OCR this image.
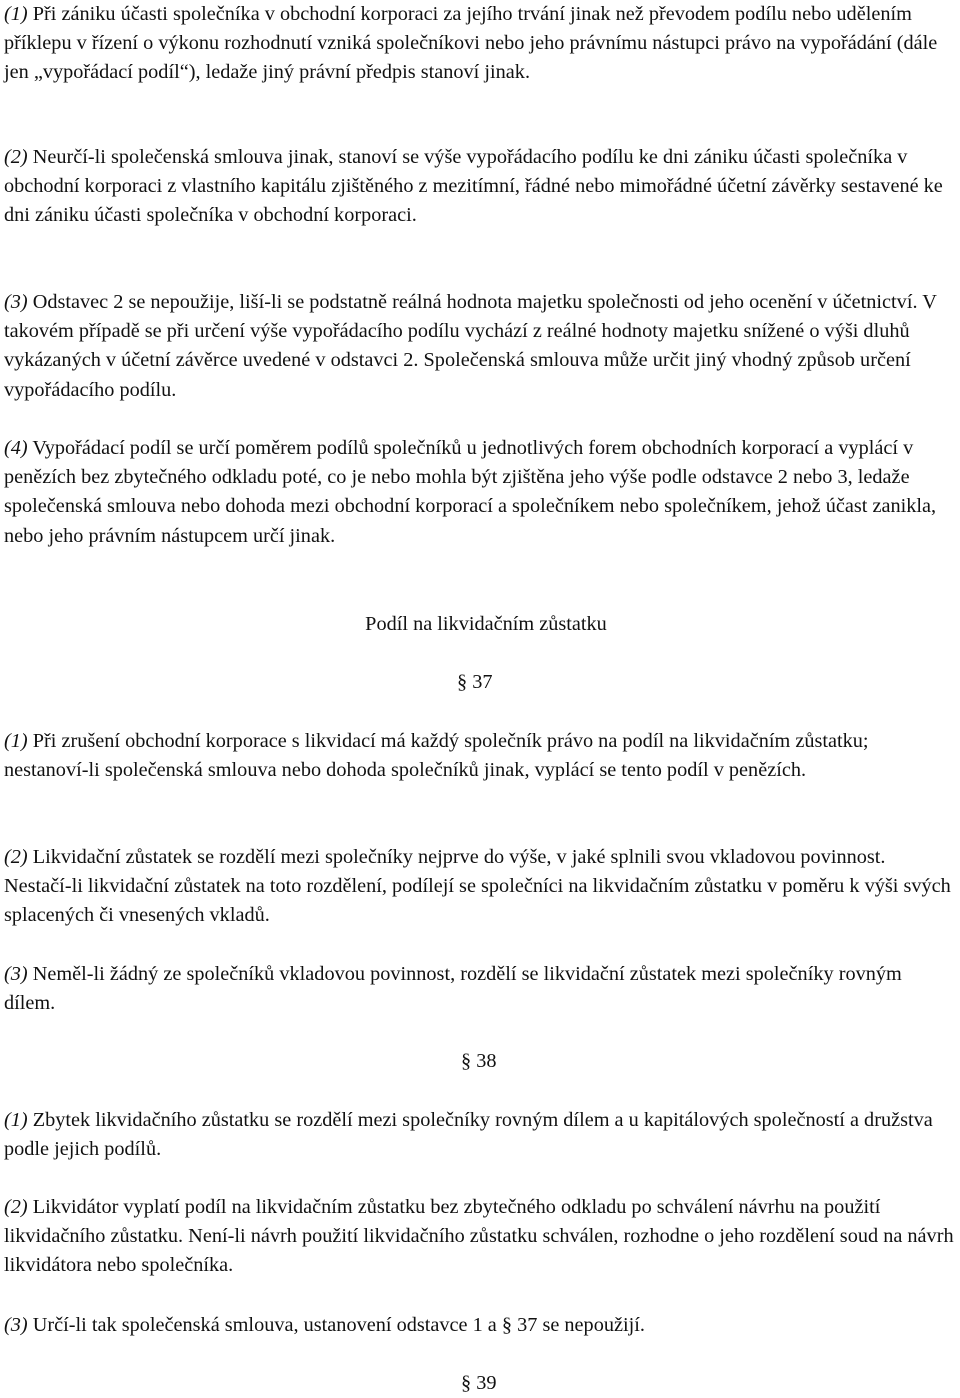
(1) Při zániku účasti společníka v obchodní korporaci za jejího trvání jinak než převodem podílu nebo udělením příklepu v řízení o výkonu rozhodnutí vzniká společníkovi nebo jeho právnímu nástupci právo na vypořádání (dále jen „vypořádací podíl“), ledaže jiný právní předpis stanoví jinak.

(2) Neurčí-li společenská smlouva jinak, stanoví se výše vypořádacího podílu ke dni zániku účasti společníka v obchodní korporaci z vlastního kapitálu zjištěného z mezitímní, řádné nebo mimořádné účetní závěrky sestavené ke dni zániku účasti společníka v obchodní korporaci.

(3) Odstavec 2 se nepoužije, liší-li se podstatně reálná hodnota majetku společnosti od jeho ocenění v účetnictví. V takovém případě se při určení výše vypořádacího podílu vychází z reálné hodnoty majetku snížené o výši dluhů vykázaných v účetní závěrce uvedené v odstavci 2. Společenská smlouva může určit jiný vhodný způsob určení vypořádacího podílu.

(4) Vypořádací podíl se určí poměrem podílů společníků u jednotlivých forem obchodních korporací a vyplácí v penězích bez zbytečného odkladu poté, co je nebo mohla být zjištěna jeho výše podle odstavce 2 nebo 3, ledaže společenská smlouva nebo dohoda mezi obchodní korporací a společníkem nebo společníkem, jehož účast zanikla, nebo jeho právním nástupcem určí jinak.

Podíl na likvidačním zůstatku

§ 37

(1) Při zrušení obchodní korporace s likvidací má každý společník právo na podíl na likvidačním zůstatku; nestanoví-li společenská smlouva nebo dohoda společníků jinak, vyplácí se tento podíl v penězích.

(2) Likvidační zůstatek se rozdělí mezi společníky nejprve do výše, v jaké splnili svou vkladovou povinnost. Nestačí-li likvidační zůstatek na toto rozdělení, podílejí se společníci na likvidačním zůstatku v poměru k výši svých splacených či vnesených vkladů.

(3) Neměl-li žádný ze společníků vkladovou povinnost, rozdělí se likvidační zůstatek mezi společníky rovným dílem.

§ 38

(1) Zbytek likvidačního zůstatku se rozdělí mezi společníky rovným dílem a u kapitálových společností a družstva podle jejich podílů.

(2) Likvidátor vyplatí podíl na likvidačním zůstatku bez zbytečného odkladu po schválení návrhu na použití likvidačního zůstatku. Není-li návrh použití likvidačního zůstatku schválen, rozhodne o jeho rozdělení soud na návrh likvidátora nebo společníka.

(3) Určí-li tak společenská smlouva, ustanovení odstavce 1 a § 37 se nepoužijí.

§ 39
